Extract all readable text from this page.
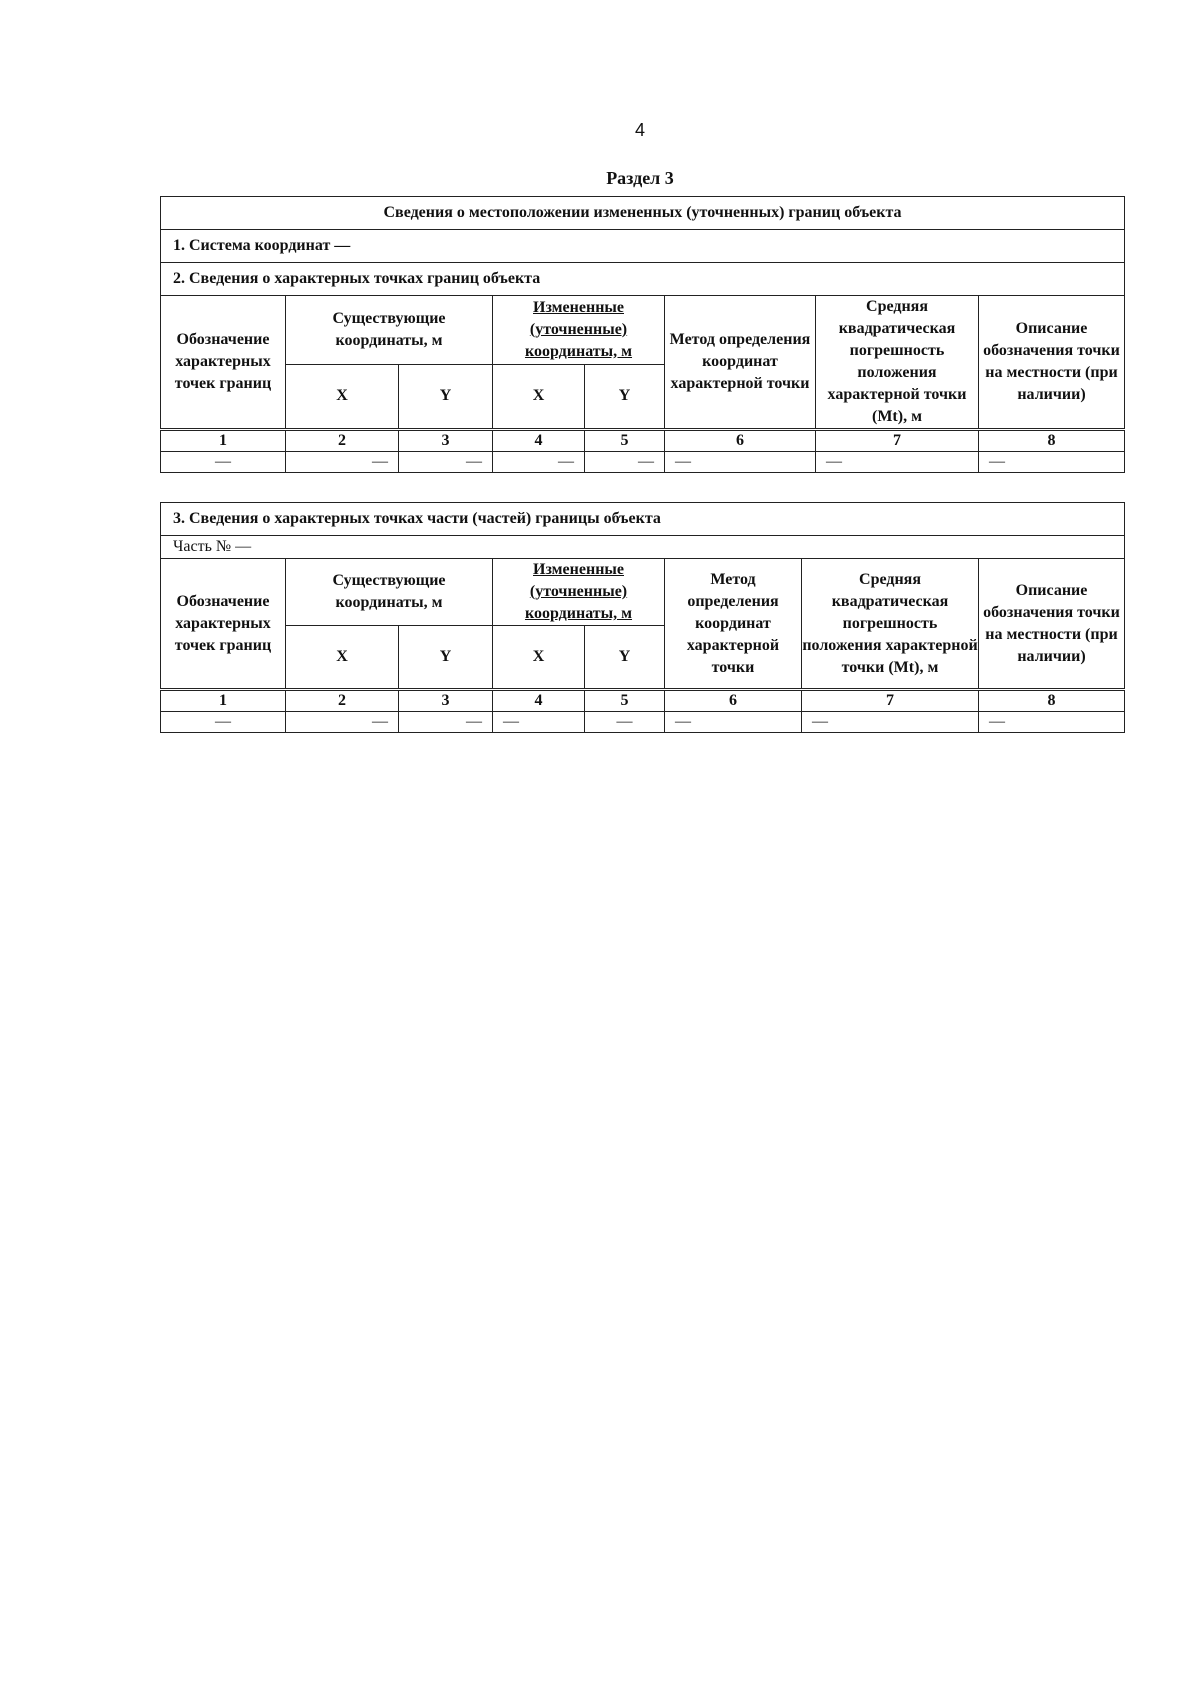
4
Раздел 3
Сведения о местоположении измененных (уточненных) границ объекта							
1. Система координат —							
2. Сведения о характерных точках границ объекта							
Обозначение характерных точек границ	Существующие координаты, м		Измененные (уточненные) координаты, м		Метод определения координат характерной точки	Средняя квадратическая погрешность положения характерной точки (Mt), м	Описание обозначения точки на местности (при наличии)
	X	Y	X	Y			
1	2	3	4	5	6	7	8
—	—	—	—	—	—	—	—
3. Сведения о характерных точках части (частей) границы объекта							
Часть № —							
Обозначение характерных точек границ	Существующие координаты, м		Измененные (уточненные) координаты, м		Метод определения координат характерной точки	Средняя квадратическая погрешность положения характерной точки (Mt), м	Описание обозначения точки на местности (при наличии)
	X	Y	X	Y			
1	2	3	4	5	6	7	8
—	—	—	—	—	—	—	—
